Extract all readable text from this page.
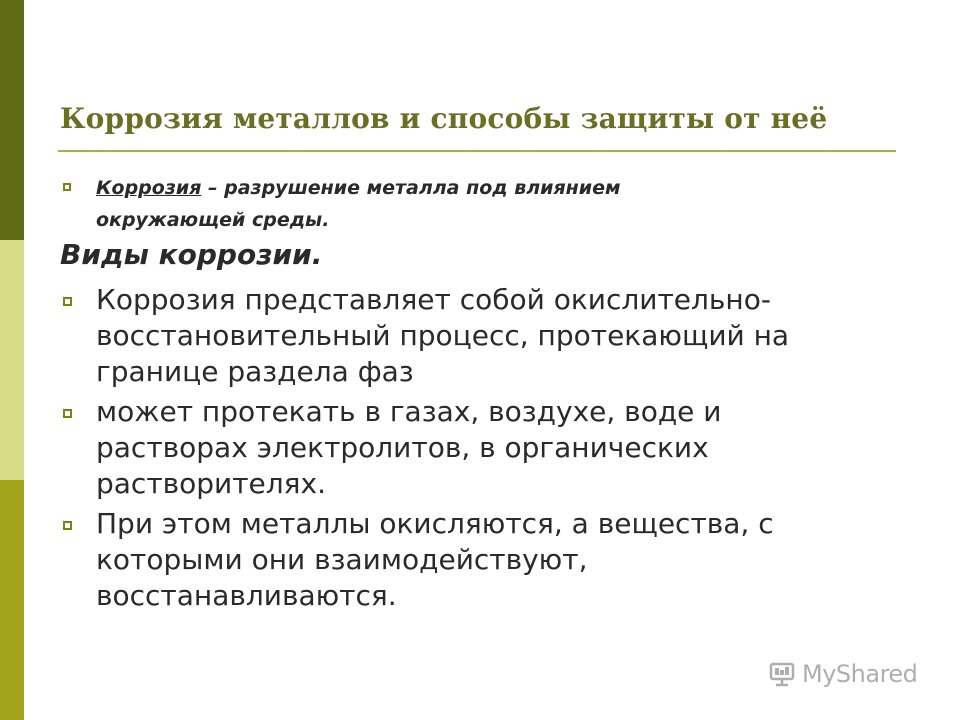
Коррозия металлов и способы защиты от неё
Коррозия – разрушение металла под влиянием
окружающей среды.
Виды коррозии.
Коррозия представляет собой окислительно-
восстановительный процесс, протекающий на
границе раздела фаз
может протекать в газах, воздухе, воде и
растворах электролитов, в органических
растворителях.
При этом металлы окисляются, а вещества, с
которыми они взаимодействуют,
восстанавливаются.
MyShared
